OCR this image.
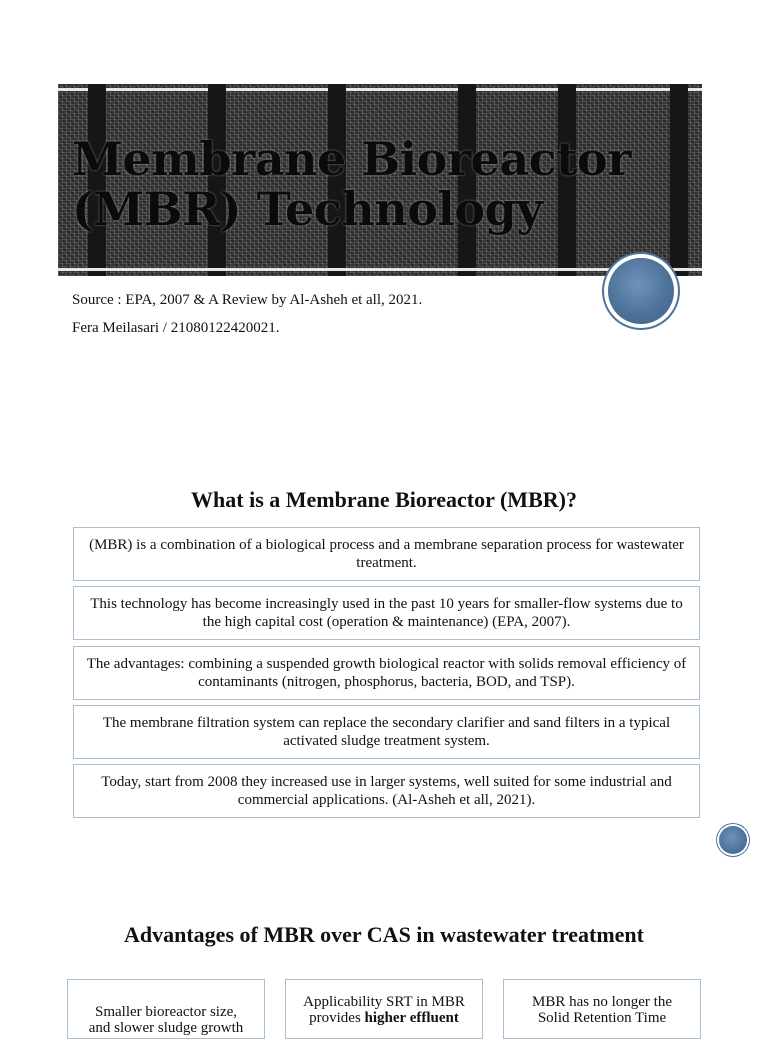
Membrane Bioreactor
(MBR) Technology
Source : EPA, 2007 & A Review by Al-Asheh et all, 2021.
Fera Meilasari / 21080122420021.
What is a Membrane Bioreactor (MBR)?
(MBR) is a combination of a biological process and a membrane separation process for wastewater treatment.
This technology has become increasingly used in the past 10 years for smaller-flow systems due to the high capital cost (operation & maintenance) (EPA, 2007).
The advantages: combining a suspended growth biological reactor with solids removal efficiency of contaminants (nitrogen, phosphorus, bacteria, BOD, and TSP).
The membrane filtration system can replace the secondary clarifier and sand filters in a typical activated sludge treatment system.
Today, start from 2008 they increased use in larger systems, well suited for some industrial and commercial applications. (Al-Asheh et all, 2021).
Advantages of MBR over CAS in wastewater treatment
Smaller bioreactor size,
and slower sludge growth
Applicability SRT in MBR
provides higher effluent
MBR has no longer the
Solid Retention Time
